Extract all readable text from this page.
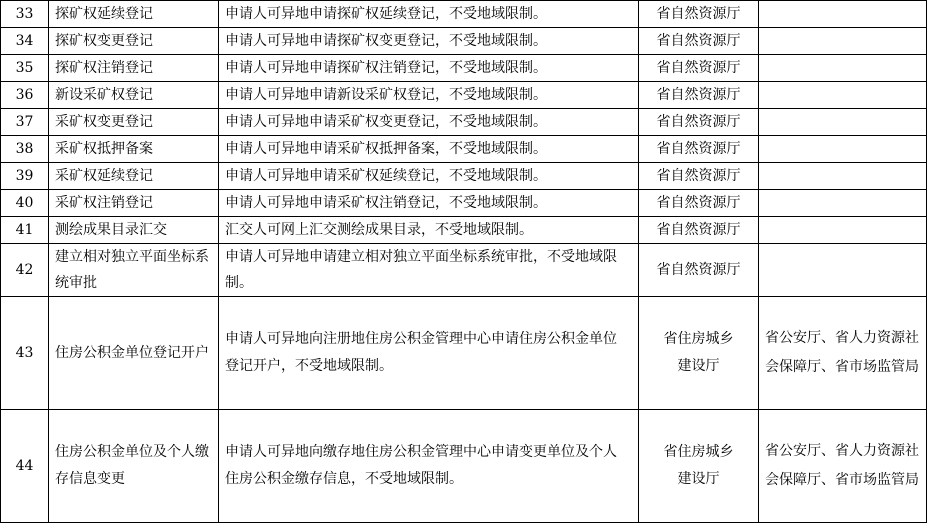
33	探矿权延续登记	申请人可异地申请探矿权延续登记，不受地域限制。	省自然资源厅	
34	探矿权变更登记	申请人可异地申请探矿权变更登记，不受地域限制。	省自然资源厅	
35	探矿权注销登记	申请人可异地申请探矿权注销登记，不受地域限制。	省自然资源厅	
36	新设采矿权登记	申请人可异地申请新设采矿权登记，不受地域限制。	省自然资源厅	
37	采矿权变更登记	申请人可异地申请采矿权变更登记，不受地域限制。	省自然资源厅	
38	采矿权抵押备案	申请人可异地申请采矿权抵押备案，不受地域限制。	省自然资源厅	
39	采矿权延续登记	申请人可异地申请采矿权延续登记，不受地域限制。	省自然资源厅	
40	采矿权注销登记	申请人可异地申请采矿权注销登记，不受地域限制。	省自然资源厅	
41	测绘成果目录汇交	汇交人可网上汇交测绘成果目录，不受地域限制。	省自然资源厅	
42	建立相对独立平面坐标系统审批	申请人可异地申请建立相对独立平面坐标系统审批，不受地域限制。	省自然资源厅	
43	住房公积金单位登记开户	申请人可异地向注册地住房公积金管理中心申请住房公积金单位登记开户，不受地域限制。	省住房城乡建设厅	省公安厅、省人力资源社会保障厅、省市场监管局
44	住房公积金单位及个人缴存信息变更	申请人可异地向缴存地住房公积金管理中心申请变更单位及个人住房公积金缴存信息，不受地域限制。	省住房城乡建设厅	省公安厅、省人力资源社会保障厅、省市场监管局
